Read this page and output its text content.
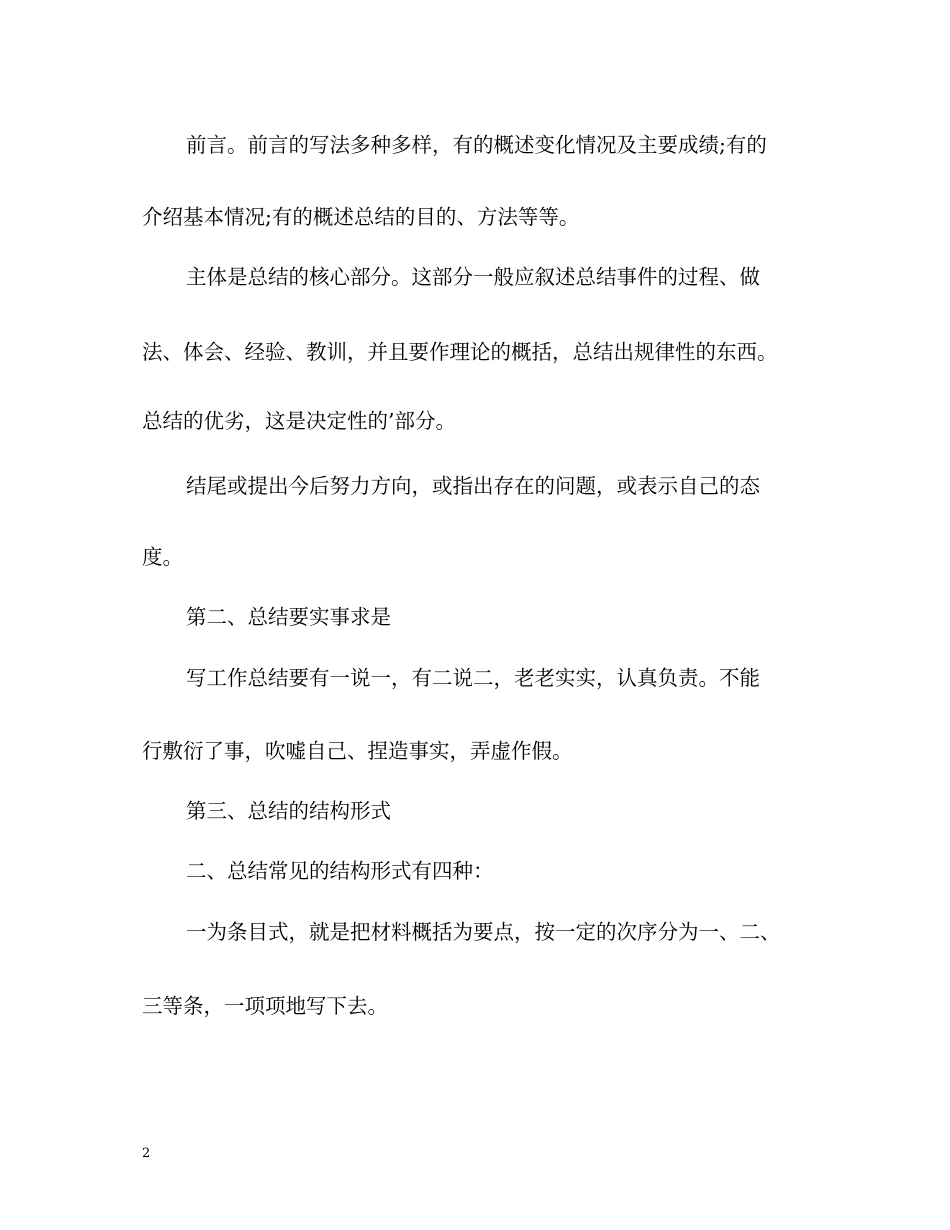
前言。前言的写法多种多样，有的概述变化情况及主要成绩;有的
介绍基本情况;有的概述总结的目的、方法等等。
主体是总结的核心部分。这部分一般应叙述总结事件的过程、做
法、体会、经验、教训，并且要作理论的概括，总结出规律性的东西。
总结的优劣，这是决定性的’部分。
结尾或提出今后努力方向，或指出存在的问题，或表示自己的态
度。
第二、总结要实事求是
写工作总结要有一说一，有二说二，老老实实，认真负责。不能
行敷衍了事，吹嘘自己、捏造事实，弄虚作假。
第三、总结的结构形式
二、总结常见的结构形式有四种：
一为条目式，就是把材料概括为要点，按一定的次序分为一、二、
三等条，一项项地写下去。
2
